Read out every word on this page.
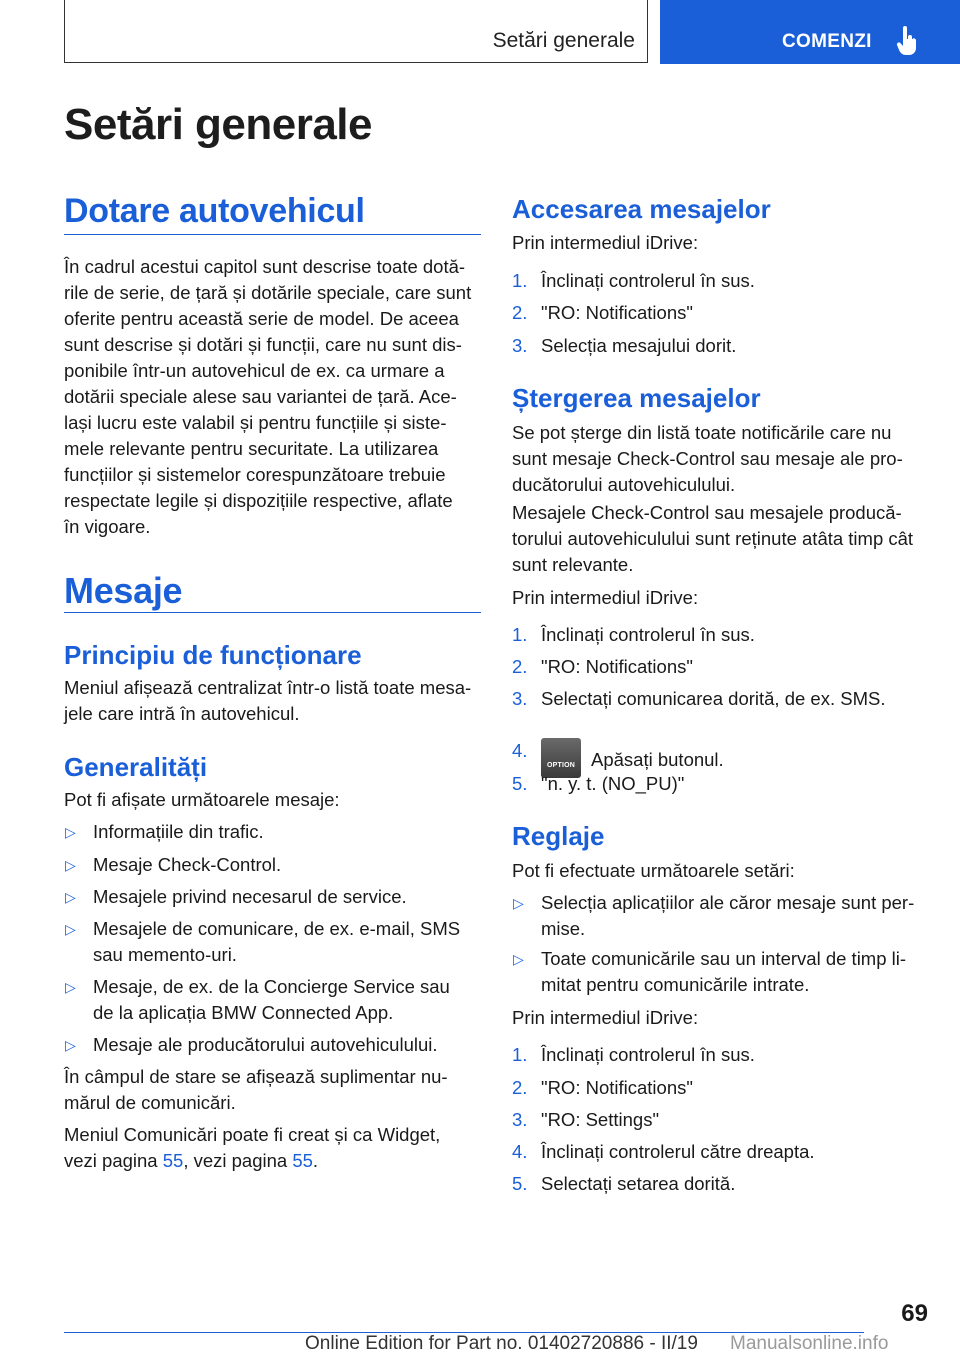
Setări generale	COMENZI
Setări generale
Dotare autovehicul
În cadrul acestui capitol sunt descrise toate dotă-
rile de serie, de țară și dotările speciale, care sunt
oferite pentru această serie de model. De aceea
sunt descrise și dotări și funcții, care nu sunt dis-
ponibile într-un autovehicul de ex. ca urmare a
dotării speciale alese sau variantei de țară. Ace-
lași lucru este valabil și pentru funcțiile și siste-
mele relevante pentru securitate. La utilizarea
funcțiilor și sistemelor corespunzătoare trebuie
respectate legile și dispozițiile respective, aflate
în vigoare.
Mesaje
Principiu de funcționare
Meniul afișează centralizat într-o listă toate mesa-
jele care intră în autovehicul.
Generalități
Pot fi afișate următoarele mesaje:
▷ Informațiile din trafic.
▷ Mesaje Check-Control.
▷ Mesajele privind necesarul de service.
▷ Mesajele de comunicare, de ex. e-mail, SMS
sau memento-uri.
▷ Mesaje, de ex. de la Concierge Service sau
de la aplicația BMW Connected App.
▷ Mesaje ale producătorului autovehiculului.
În câmpul de stare se afișează suplimentar nu-
mărul de comunicări.
Meniul Comunicări poate fi creat și ca Widget,
vezi pagina 55, vezi pagina 55.
Accesarea mesajelor
Prin intermediul iDrive:
1. Înclinați controlerul în sus.
2. "RO: Notifications"
3. Selecția mesajului dorit.
Ștergerea mesajelor
Se pot șterge din listă toate notificările care nu
sunt mesaje Check-Control sau mesaje ale pro-
ducătorului autovehiculului.
Mesajele Check-Control sau mesajele producă-
torului autovehiculului sunt reținute atâta timp cât
sunt relevante.
Prin intermediul iDrive:
1. Înclinați controlerul în sus.
2. "RO: Notifications"
3. Selectați comunicarea dorită, de ex. SMS.
4.
OPTION Apăsați butonul.
5. "n. y. t. (NO_PU)"
Reglaje
Pot fi efectuate următoarele setări:
▷ Selecția aplicațiilor ale căror mesaje sunt per-
mise.
▷ Toate comunicările sau un interval de timp li-
mitat pentru comunicările intrate.
Prin intermediul iDrive:
1. Înclinați controlerul în sus.
2. "RO: Notifications"
3. "RO: Settings"
4. Înclinați controlerul către dreapta.
5. Selectați setarea dorită.
69
Online Edition for Part no. 01402720886 - II/19 Manualsonline.info
